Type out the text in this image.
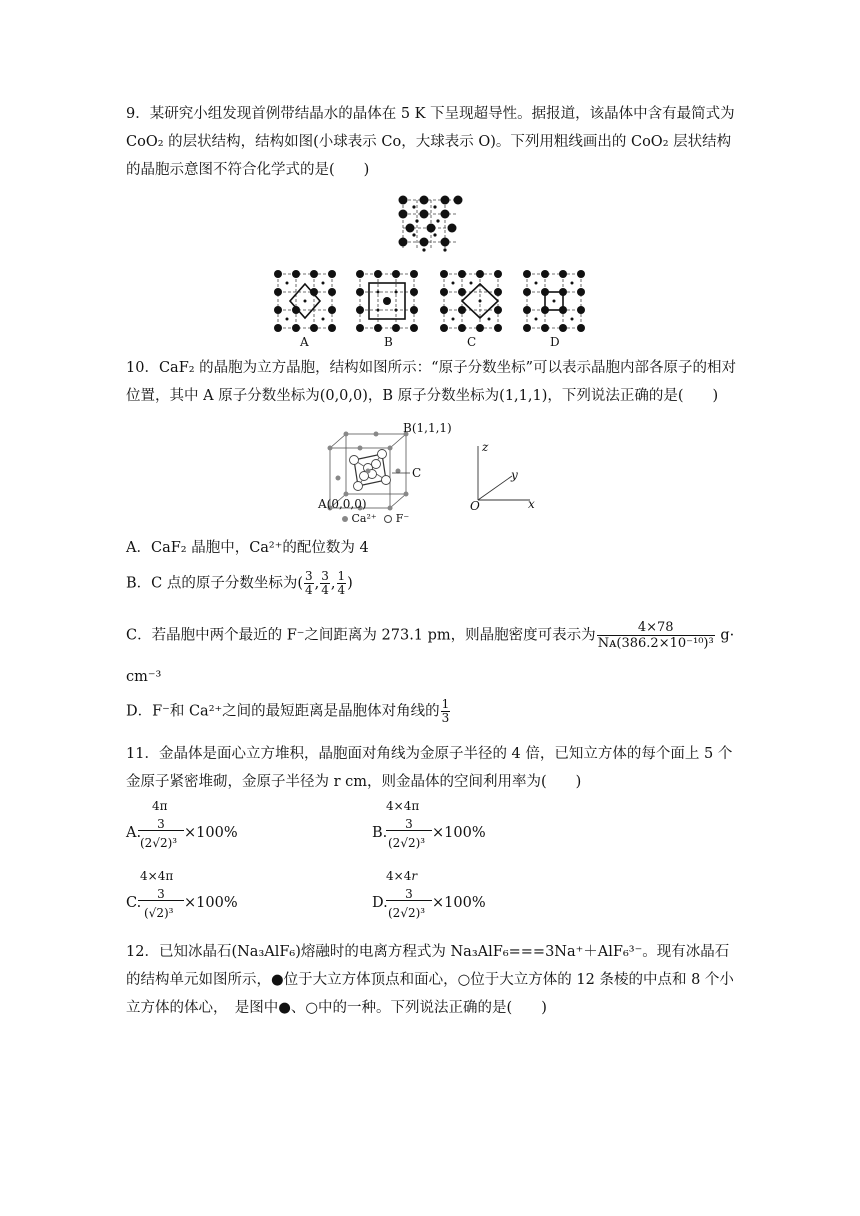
9．某研究小组发现首例带结晶水的晶体在 5 K 下呈现超导性。据报道，该晶体中含有最简式为 CoO₂ 的层状结构，结构如图(小球表示 Co，大球表示 O)。下列用粗线画出的 CoO₂ 层状结构的晶胞示意图不符合化学式的是(　　)
A	B	C	D
10．CaF₂ 的晶胞为立方晶胞，结构如图所示：“原子分数坐标”可以表示晶胞内部各原子的相对位置，其中 A 原子分数坐标为(0,0,0)，B 原子分数坐标为(1,1,1)，下列说法正确的是(　　)
B(1,1,1)
C
A(0,0,0)
Ca²⁺ F⁻
z
y
x
O
A．CaF₂ 晶胞中，Ca²⁺的配位数为 4
B．C 点的原子分数坐标为( $\frac{3}{4}$ , $\frac{3}{4}$ , $\frac{1}{4}$ )
C．若晶胞中两个最近的 F⁻之间距离为 273.1 pm，则晶胞密度可表示为 $\frac{4\times 78}{\text{Nᴀ(386.2×10⁻¹⁰)³}} g\cdot$
cm⁻³
D．F⁻和 Ca²⁺之间的最短距离是晶胞体对角线的 $\frac{1}{3}$
11．金晶体是面心立方堆积，晶胞面对角线为金原子半径的 4 倍，已知立方体的每个面上 5 个金原子紧密堆砌，金原子半径为 r cm，则金晶体的空间利用率为(　　)
4π
A.
3
(2√2)³
×100%
4×4π
B.
3
(2√2)³
×100%
4×4π
C.
3
(√2)³
×100%
4×4r
D.
3
(2√2)³
×100%
12．已知冰晶石(Na₃AlF₆)熔融时的电离方程式为 Na₃AlF₆===3Na⁺＋AlF₆³⁻。现有冰晶石的结构单元如图所示，●位于大立方体顶点和面心，○位于大立方体的 12 条棱的中点和 8 个小立方体的体心，　是图中●、○中的一种。下列说法正确的是(　　)
